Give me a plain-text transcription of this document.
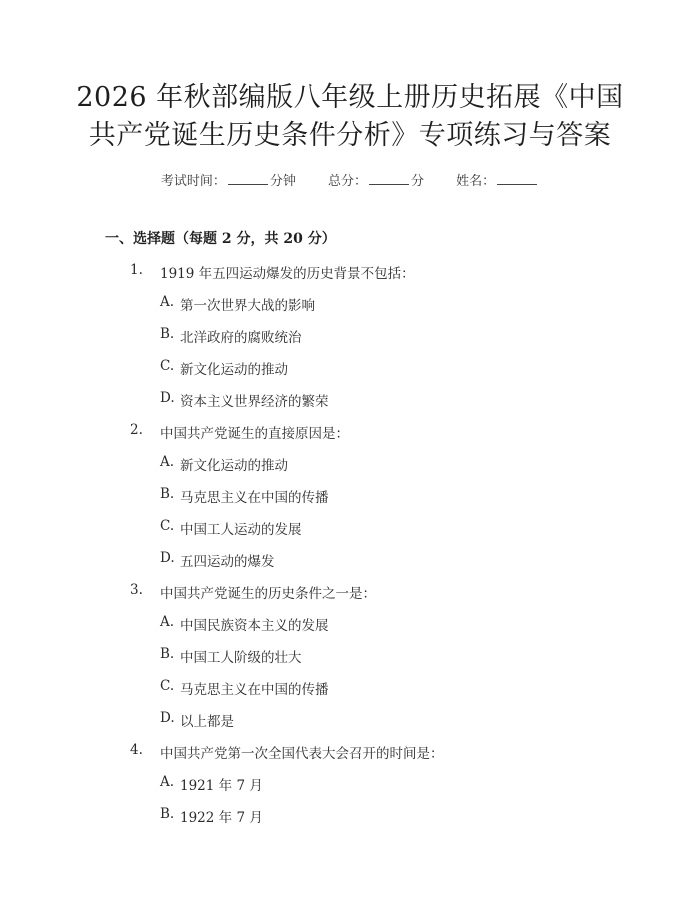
2026 年秋部编版八年级上册历史拓展《中国
共产党诞生历史条件分析》专项练习与答案
考试时间：	分钟 总分：	分 姓名：
一、选择题（每题 2 分，共 20 分）
1. 1919 年五四运动爆发的历史背景不包括：
A. 第一次世界大战的影响
B. 北洋政府的腐败统治
C. 新文化运动的推动
D. 资本主义世界经济的繁荣
2. 中国共产党诞生的直接原因是：
A. 新文化运动的推动
B. 马克思主义在中国的传播
C. 中国工人运动的发展
D. 五四运动的爆发
3. 中国共产党诞生的历史条件之一是：
A. 中国民族资本主义的发展
B. 中国工人阶级的壮大
C. 马克思主义在中国的传播
D. 以上都是
4. 中国共产党第一次全国代表大会召开的时间是：
A. 1921 年 7 月
B. 1922 年 7 月
